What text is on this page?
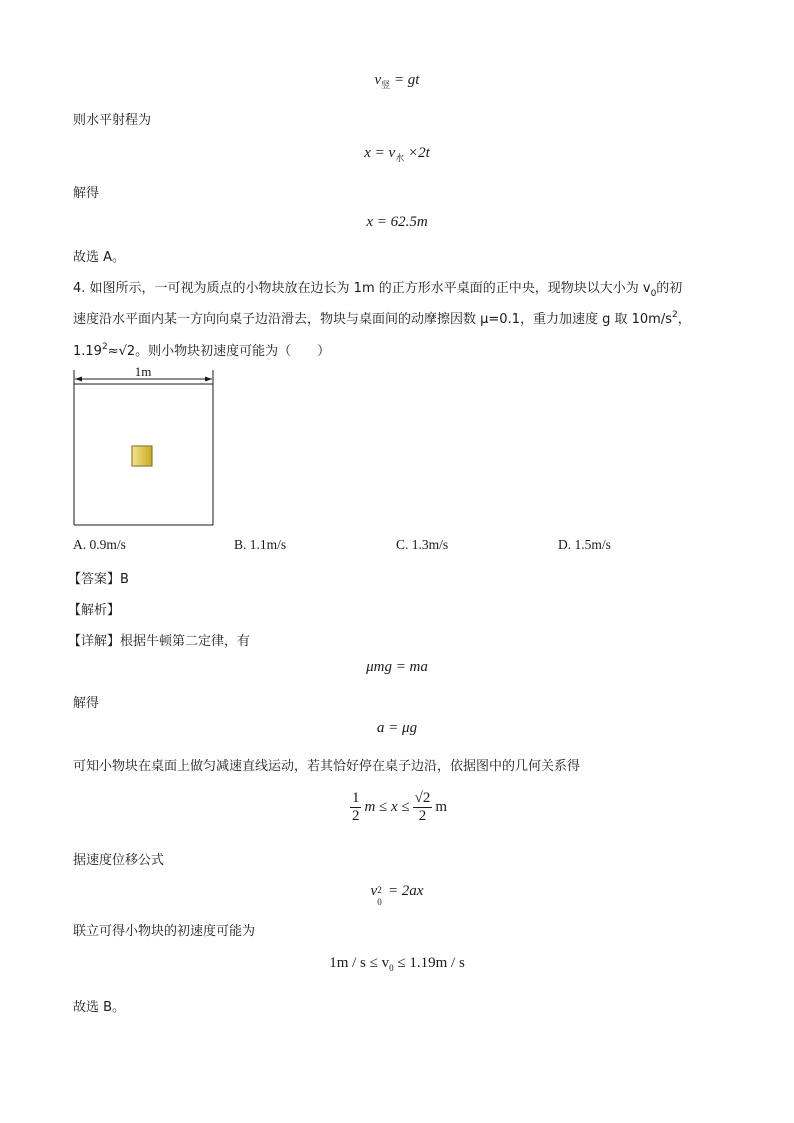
$v_竖$ = gt
则水平射程为
$x = v_水 \times 2t$
解得
x = 62.5m
故选 A。
4. 如图所示，一可视为质点的小物块放在边长为 1m 的正方形水平桌面的正中央，现物块以大小为 $v_0$的初
速度沿水平面内某一方向向桌子边沿滑去，物块与桌面间的动摩擦因数 μ=0.1，重力加速度 g 取 $10m/s^2$，
$1.19^2\approx√2$。则小物块初速度可能为（　　）
1m
A. 0.9m/s	B. 1.1m/s	C. 1.3m/s	D. 1.5m/s
【答案】B
【解析】
【详解】根据牛顿第二定律，有
μmg = ma
解得
a = μg
可知小物块在桌面上做匀减速直线运动，若其恰好停在桌子边沿，依据图中的几何关系得
$\frac{1}{2}$ $m \le x \le \frac{√2}{2}$ m
据速度位移公式
v 2
0
= 2ax
联立可得小物块的初速度可能为
$1m / s \le v_0 \le 1.19m / s$
故选 B。
